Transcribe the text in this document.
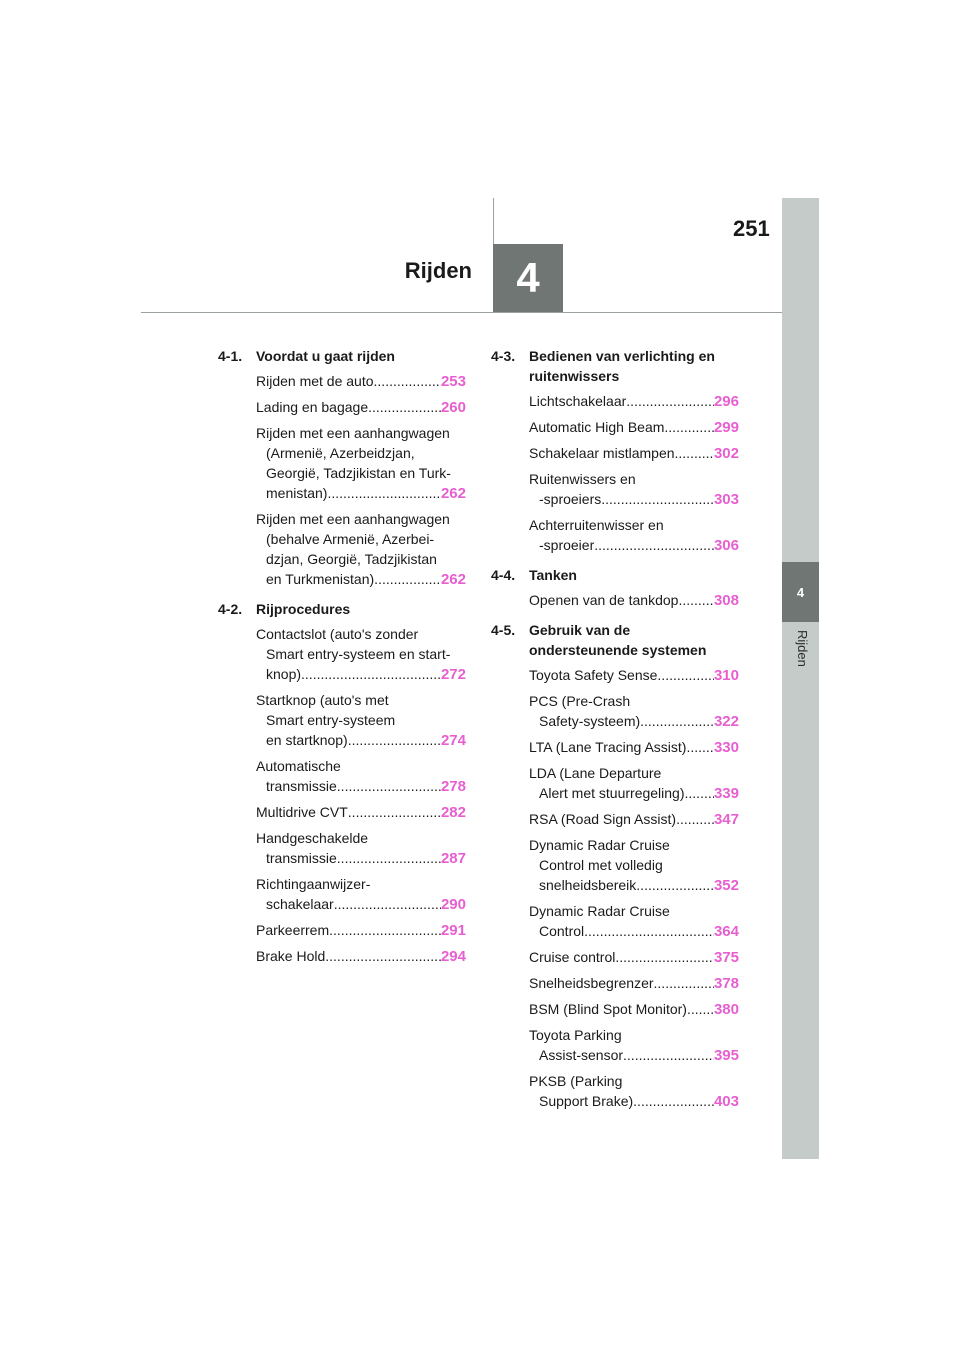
4
Rijden
4
Rijden
251
4-1. Voordat u gaat rijden
Rijden met de auto .....	253
Lading en bagage .....	260
Rijden met een aanhangwagen
(Armenië, Azerbeidzjan,
Georgië, Tadzjikistan en Turk-
menistan) .....	262
Rijden met een aanhangwagen
(behalve Armenië, Azerbei-
dzjan, Georgië, Tadzjikistan
en Turkmenistan) .....	262
4-2. Rijprocedures
Contactslot (auto's zonder
Smart entry-systeem en start-
knop) .....	272
Startknop (auto's met
Smart entry-systeem
en startknop) .....	274
Automatische
transmissie .....	278
Multidrive CVT .....	282
Handgeschakelde
transmissie .....	287
Richtingaanwijzer-
schakelaar .....	290
Parkeerrem .....	291
Brake Hold .....	294
4-3. Bedienen van verlichting en ruitenwissers
Lichtschakelaar .....	296
Automatic High Beam .....	299
Schakelaar mistlampen .....	302
Ruitenwissers en
-sproeiers .....	303
Achterruitenwisser en
-sproeier .....	306
4-4. Tanken
Openen van de tankdop ..... 308
4-5. Gebruik van de ondersteunende systemen
Toyota Safety Sense .....	310
PCS (Pre-Crash
Safety-systeem) .....	322
LTA (Lane Tracing Assist) ..... 330
LDA (Lane Departure
Alert met stuurregeling) ..... 339
RSA (Road Sign Assist) .....	347
Dynamic Radar Cruise
Control met volledig
snelheidsbereik .....	352
Dynamic Radar Cruise
Control .....	364
Cruise control .....	375
Snelheidsbegrenzer .....	378
BSM (Blind Spot Monitor) ..... 380
Toyota Parking
Assist-sensor .....	395
PKSB (Parking
Support Brake) .....	403
